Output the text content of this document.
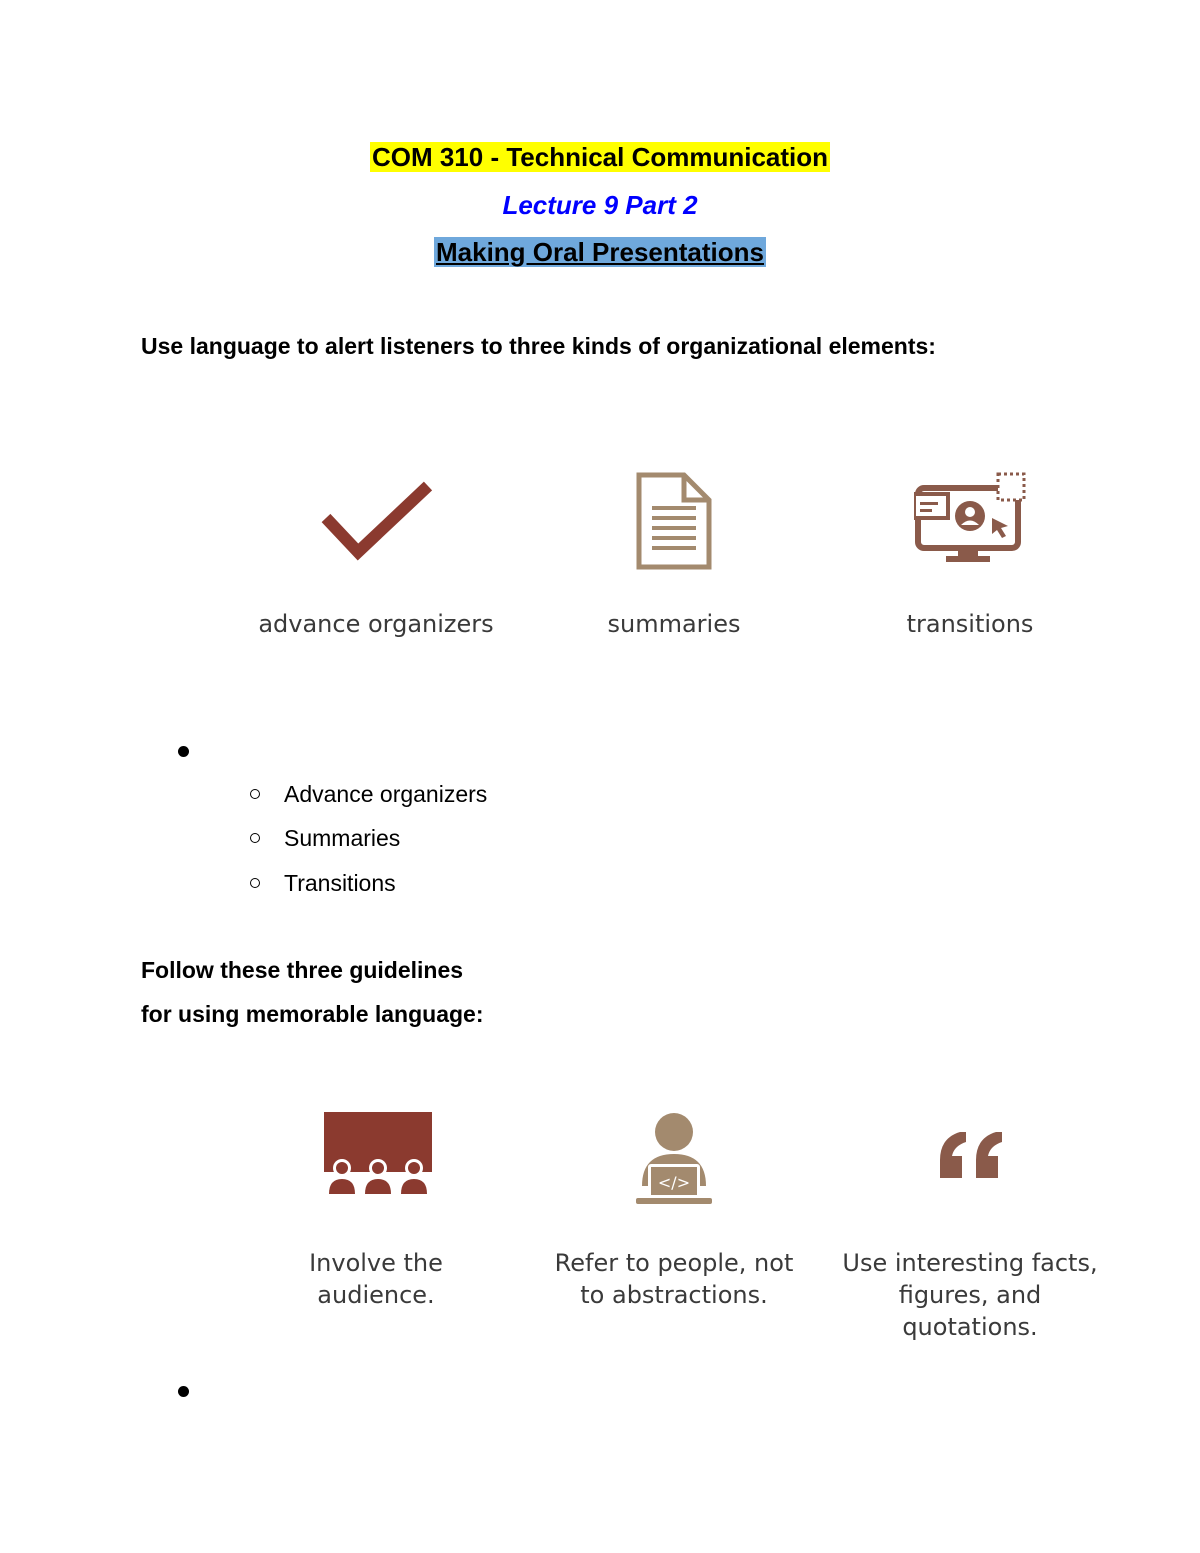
COM 310 - Technical Communication
Lecture 9 Part 2
Making Oral Presentations
Use language to alert listeners to three kinds of organizational elements:
advance organizers	summaries	transitions
Advance organizers
Summaries
Transitions
Follow these three guidelines
for using memorable language:
</>
Involve the
audience.
Refer to people, not
to abstractions.
Use interesting facts,
figures, and
quotations.
